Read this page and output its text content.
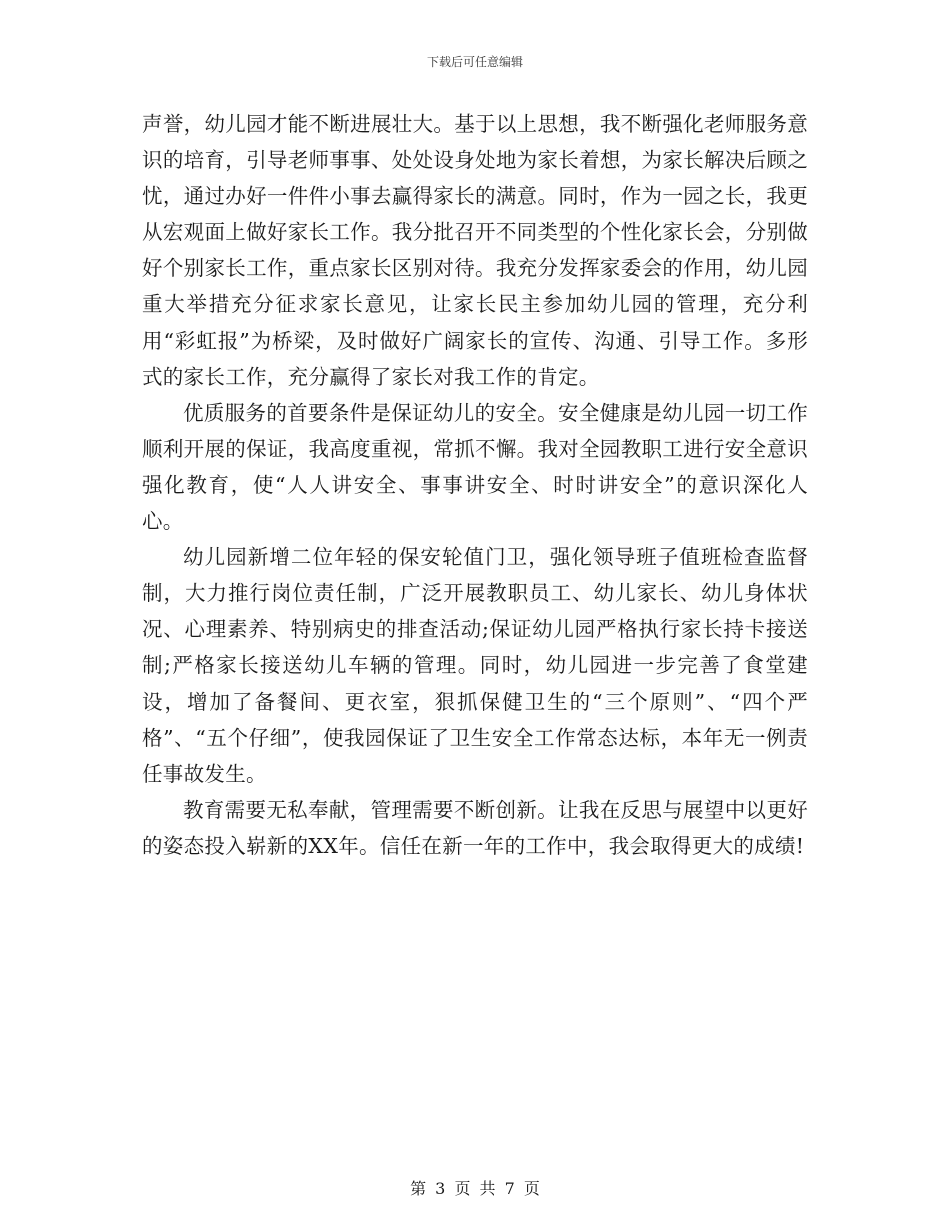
下载后可任意编辑

声誉，幼儿园才能不断进展壮大。基于以上思想，我不断强化老师服务意识的培育，引导老师事事、处处设身处地为家长着想，为家长解决后顾之忧，通过办好一件件小事去赢得家长的满意。同时，作为一园之长，我更从宏观面上做好家长工作。我分批召开不同类型的个性化家长会，分别做好个别家长工作，重点家长区别对待。我充分发挥家委会的作用，幼儿园重大举措充分征求家长意见，让家长民主参加幼儿园的管理，充分利用“彩虹报”为桥梁，及时做好广阔家长的宣传、沟通、引导工作。多形式的家长工作，充分赢得了家长对我工作的肯定。

优质服务的首要条件是保证幼儿的安全。安全健康是幼儿园一切工作顺利开展的保证，我高度重视，常抓不懈。我对全园教职工进行安全意识强化教育，使“人人讲安全、事事讲安全、时时讲安全”的意识深化人心。

幼儿园新增二位年轻的保安轮值门卫，强化领导班子值班检查监督制，大力推行岗位责任制，广泛开展教职员工、幼儿家长、幼儿身体状况、心理素养、特别病史的排查活动;保证幼儿园严格执行家长持卡接送制;严格家长接送幼儿车辆的管理。同时，幼儿园进一步完善了食堂建设，增加了备餐间、更衣室，狠抓保健卫生的“三个原则”、“四个严格”、“五个仔细”，使我园保证了卫生安全工作常态达标，本年无一例责任事故发生。

教育需要无私奉献，管理需要不断创新。让我在反思与展望中以更好的姿态投入崭新的XX年。信任在新一年的工作中，我会取得更大的成绩!

第 3 页 共 7 页
